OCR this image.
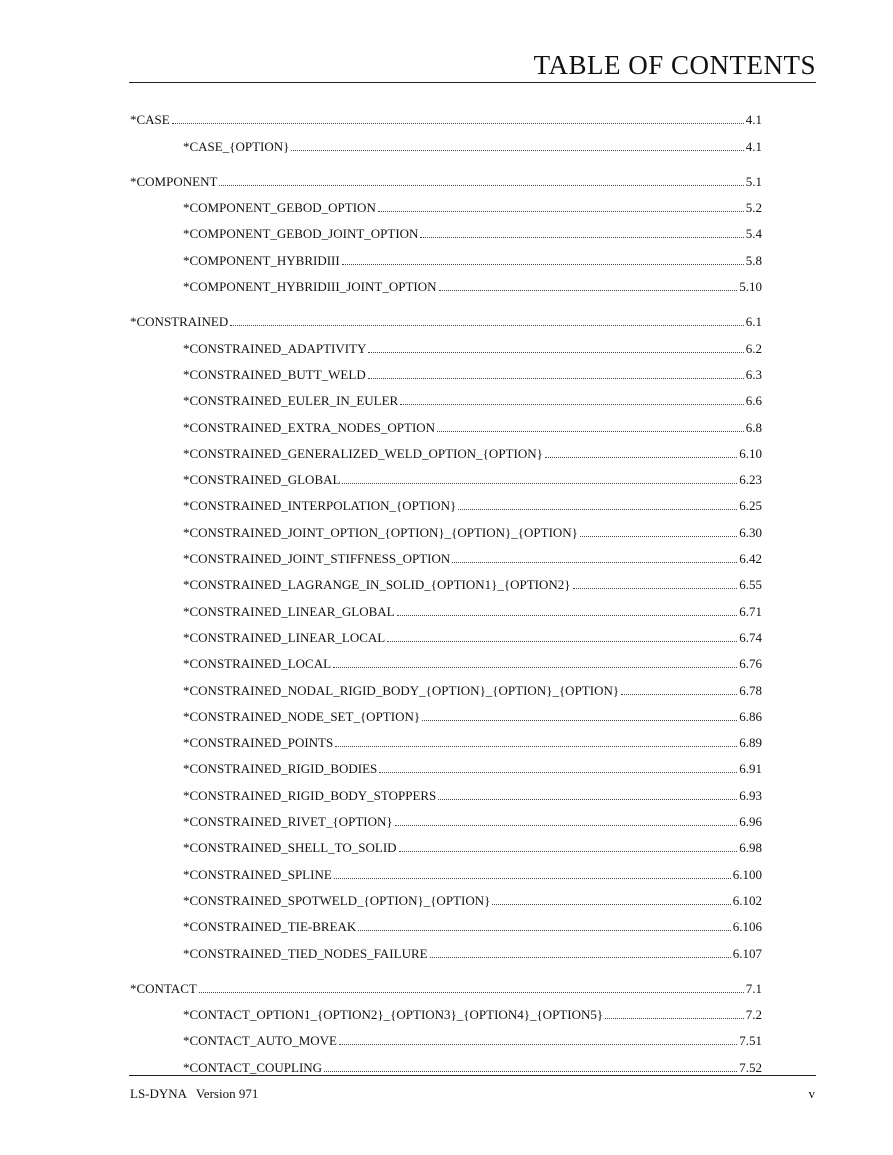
TABLE OF CONTENTS
*CASE	4.1
*CASE_{OPTION}	4.1
*COMPONENT	5.1
*COMPONENT_GEBOD_OPTION	5.2
*COMPONENT_GEBOD_JOINT_OPTION	5.4
*COMPONENT_HYBRIDIII	5.8
*COMPONENT_HYBRIDIII_JOINT_OPTION	5.10
*CONSTRAINED	6.1
*CONSTRAINED_ADAPTIVITY	6.2
*CONSTRAINED_BUTT_WELD	6.3
*CONSTRAINED_EULER_IN_EULER	6.6
*CONSTRAINED_EXTRA_NODES_OPTION	6.8
*CONSTRAINED_GENERALIZED_WELD_OPTION_{OPTION}	6.10
*CONSTRAINED_GLOBAL	6.23
*CONSTRAINED_INTERPOLATION_{OPTION}	6.25
*CONSTRAINED_JOINT_OPTION_{OPTION}_{OPTION}_{OPTION}	6.30
*CONSTRAINED_JOINT_STIFFNESS_OPTION	6.42
*CONSTRAINED_LAGRANGE_IN_SOLID_{OPTION1}_{OPTION2}	6.55
*CONSTRAINED_LINEAR_GLOBAL	6.71
*CONSTRAINED_LINEAR_LOCAL	6.74
*CONSTRAINED_LOCAL	6.76
*CONSTRAINED_NODAL_RIGID_BODY_{OPTION}_{OPTION}_{OPTION}	6.78
*CONSTRAINED_NODE_SET_{OPTION}	6.86
*CONSTRAINED_POINTS	6.89
*CONSTRAINED_RIGID_BODIES	6.91
*CONSTRAINED_RIGID_BODY_STOPPERS	6.93
*CONSTRAINED_RIVET_{OPTION}	6.96
*CONSTRAINED_SHELL_TO_SOLID	6.98
*CONSTRAINED_SPLINE	6.100
*CONSTRAINED_SPOTWELD_{OPTION}_{OPTION}	6.102
*CONSTRAINED_TIE-BREAK	6.106
*CONSTRAINED_TIED_NODES_FAILURE	6.107
*CONTACT	7.1
*CONTACT_OPTION1_{OPTION2}_{OPTION3}_{OPTION4}_{OPTION5}	7.2
*CONTACT_AUTO_MOVE	7.51
*CONTACT_COUPLING	7.52
LS-DYNA   Version 971	v
